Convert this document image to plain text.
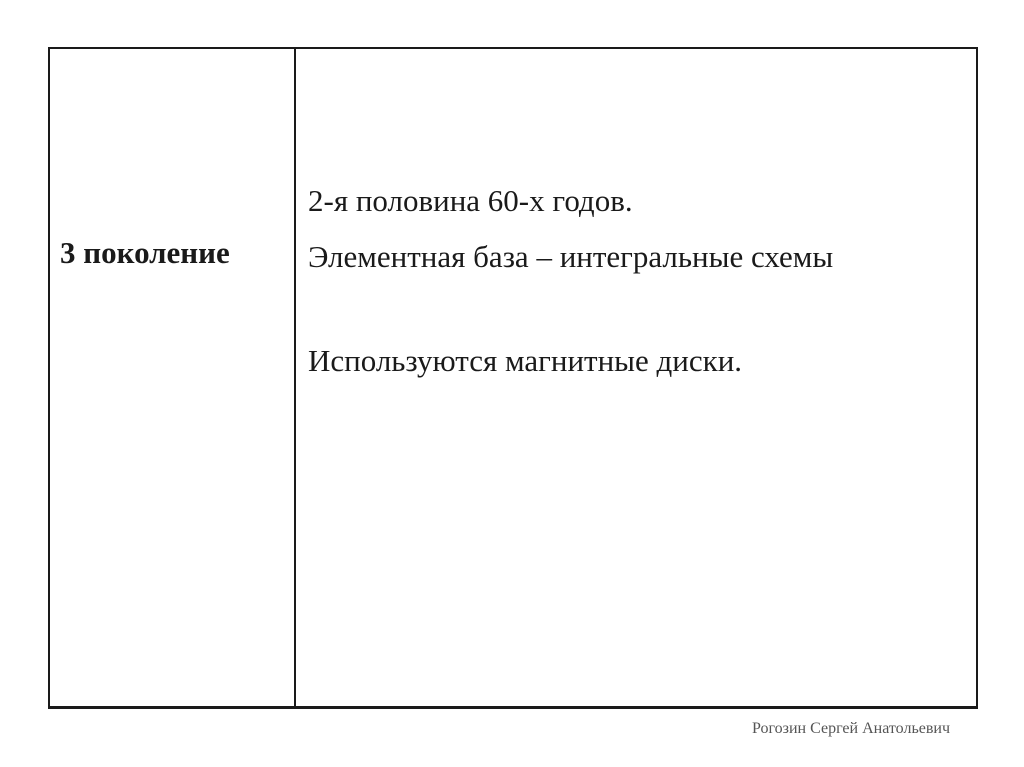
3 поколение
2-я половина 60-х годов.
Элементная база – интегральные схемы
Используются магнитные диски.
Рогозин Сергей Анатольевич
